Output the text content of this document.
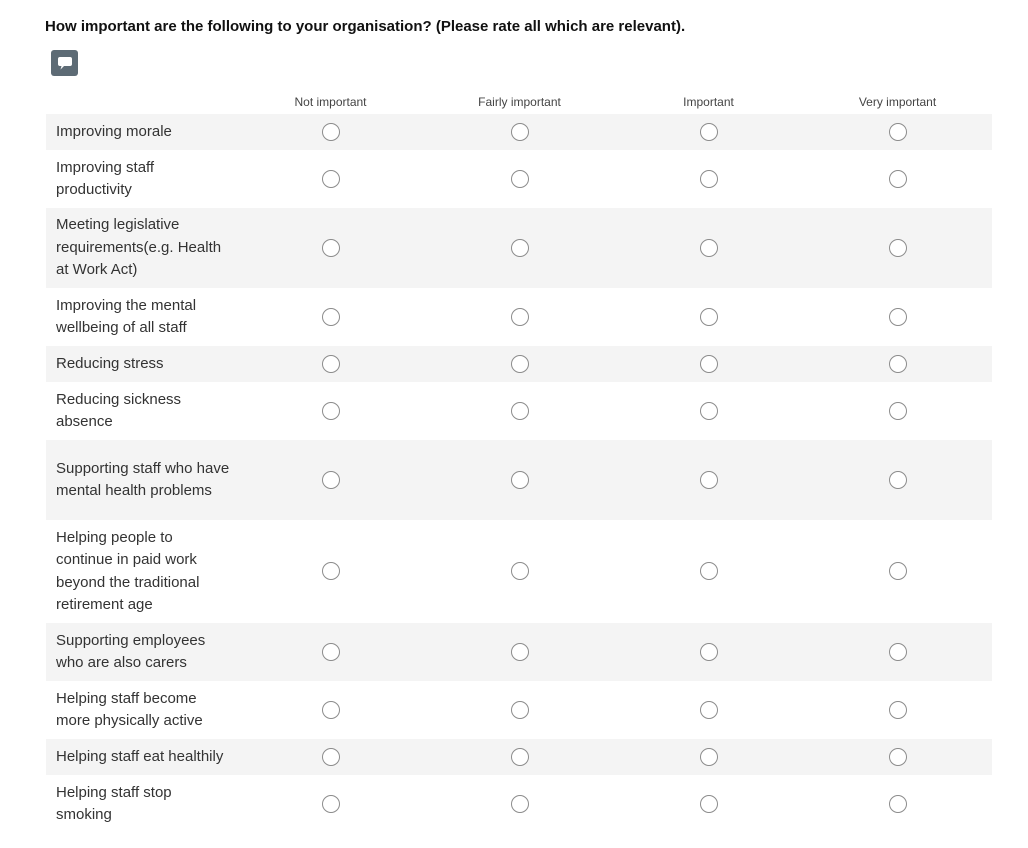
How important are the following to your organisation? (Please rate all which are relevant).
	Not important	Fairly important	Important	Very important
Improving morale				
Improving staff productivity				
Meeting legislative requirements(e.g. Health at Work Act)				
Improving the mental wellbeing of all staff				
Reducing stress				
Reducing sickness absence				
Supporting staff who have mental health problems				
Helping people to continue in paid work beyond the traditional retirement age				
Supporting employees who are also carers				
Helping staff become more physically active				
Helping staff eat healthily				
Helping staff stop smoking				
